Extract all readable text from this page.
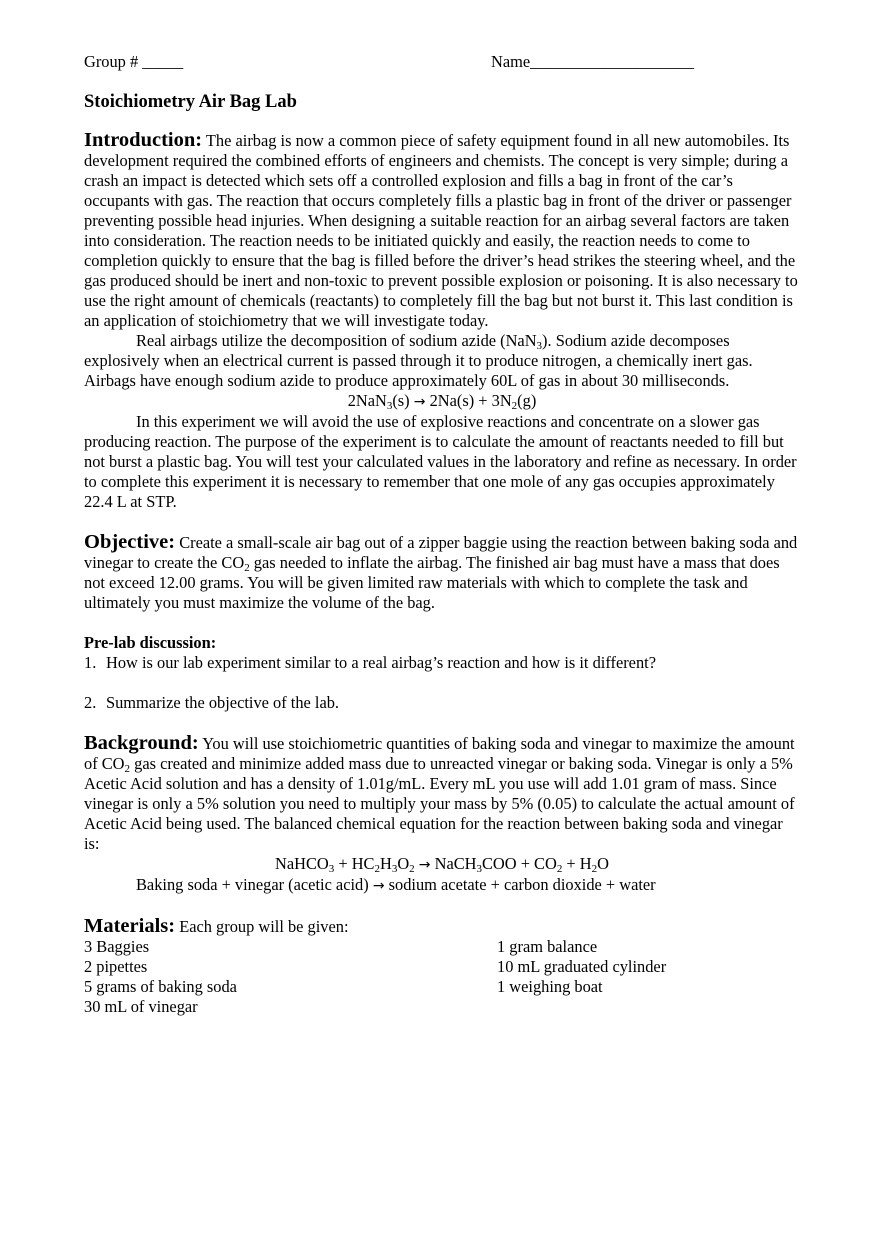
Group # _____	Name____________________
Stoichiometry Air Bag Lab

Introduction: The airbag is now a common piece of safety equipment found in all new automobiles. Its development required the combined efforts of engineers and chemists. The concept is very simple; during a crash an impact is detected which sets off a controlled explosion and fills a bag in front of the car’s occupants with gas. The reaction that occurs completely fills a plastic bag in front of the driver or passenger preventing possible head injuries. When designing a suitable reaction for an airbag several factors are taken into consideration. The reaction needs to be initiated quickly and easily, the reaction needs to come to completion quickly to ensure that the bag is filled before the driver’s head strikes the steering wheel, and the gas produced should be inert and non-toxic to prevent possible explosion or poisoning. It is also necessary to use the right amount of chemicals (reactants) to completely fill the bag but not burst it. This last condition is an application of stoichiometry that we will investigate today.

Real airbags utilize the decomposition of sodium azide (NaN$_3$). Sodium azide decomposes explosively when an electrical current is passed through it to produce nitrogen, a chemically inert gas. Airbags have enough sodium azide to produce approximately 60L of gas in about 30 milliseconds.

$2NaN_3(s) \to 2Na(s) + 3N_2(g)$

In this experiment we will avoid the use of explosive reactions and concentrate on a slower gas producing reaction. The purpose of the experiment is to calculate the amount of reactants needed to fill but not burst a plastic bag. You will test your calculated values in the laboratory and refine as necessary. In order to complete this experiment it is necessary to remember that one mole of any gas occupies approximately 22.4 L at STP.

Objective: Create a small-scale air bag out of a zipper baggie using the reaction between baking soda and vinegar to create the $CO_2$ gas needed to inflate the airbag. The finished air bag must have a mass that does not exceed 12.00 grams. You will be given limited raw materials with which to complete the task and ultimately you must maximize the volume of the bag.

Pre-lab discussion:

1. How is our lab experiment similar to a real airbag’s reaction and how is it different?
2. Summarize the objective of the lab.

Background: You will use stoichiometric quantities of baking soda and vinegar to maximize the amount of $CO_2$ gas created and minimize added mass due to unreacted vinegar or baking soda. Vinegar is only a 5% Acetic Acid solution and has a density of 1.01g/mL. Every mL you use will add 1.01 gram of mass. Since vinegar is only a 5% solution you need to multiply your mass by 5% (0.05) to calculate the actual amount of Acetic Acid being used. The balanced chemical equation for the reaction between baking soda and vinegar is:

NaHCO$_3$ + $HC_2H_3O_2$ → NaCH$_3$COO + $CO_2 + H_2O$

Baking soda + vinegar (acetic acid) → sodium acetate + carbon dioxide + water

Materials: Each group will be given:

3 Baggies	1 gram balance
2 pipettes	10 mL graduated cylinder
5 grams of baking soda	1 weighing boat
30 mL of vinegar
